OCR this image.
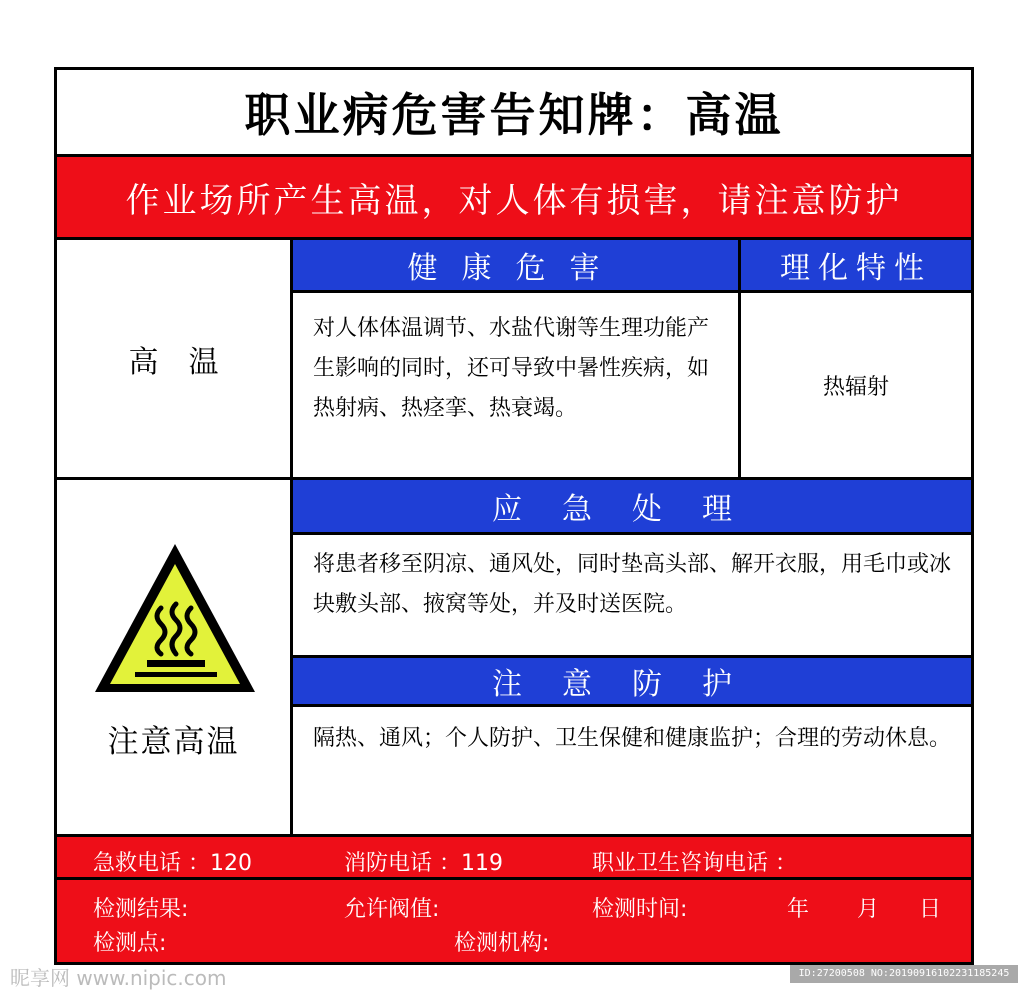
职业病危害告知牌：高温
作业场所产生高温，对人体有损害，请注意防护
高温
健康危害	理化特性
对人体体温调节、水盐代谢等生理功能产生影响的同时，还可导致中暑性疾病，如热射病、热痉挛、热衰竭。
热辐射
应急处理
将患者移至阴凉、通风处，同时垫高头部、解开衣服，用毛巾或冰块敷头部、掖窝等处，并及时送医院。
注意防护
隔热、通风；个人防护、卫生保健和健康监护；合理的劳动休息。
注意高温
急救电话 ：120	消防电话 ：119	职业卫生咨询电话 ：
检测结果:	允许阀值:	检测时间:	年 月 日
检测点:	检测机构:
昵享网 www.nipic.com	ID:27200508 NO:20190916102231185245
